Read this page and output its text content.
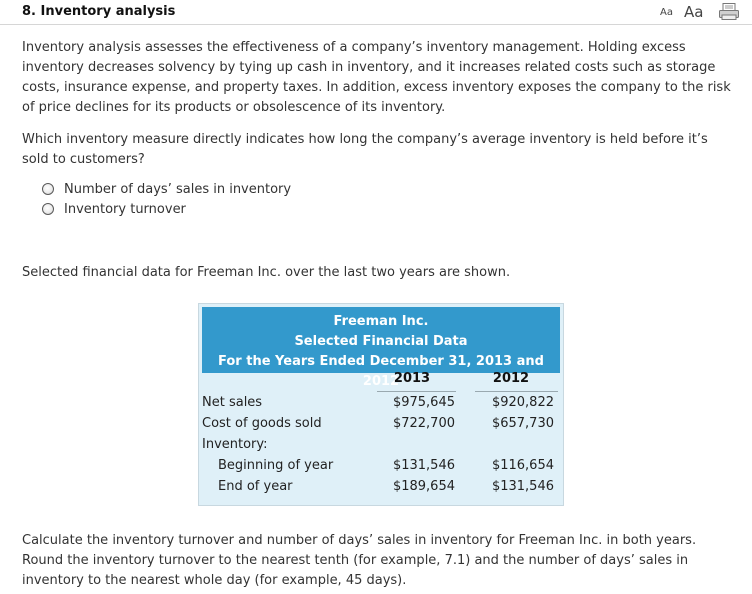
8. Inventory analysis	Aa Aa

Inventory analysis assesses the effectiveness of a company’s inventory management. Holding excess inventory decreases solvency by tying up cash in inventory, and it increases related costs such as storage costs, insurance expense, and property taxes. In addition, excess inventory exposes the company to the risk of price declines for its products or obsolescence of its inventory.

Which inventory measure directly indicates how long the company’s average inventory is held before it’s sold to customers?

Number of days’ sales in inventory
Inventory turnover

Selected financial data for Freeman Inc. over the last two years are shown.

Freeman Inc.
Selected Financial Data
For the Years Ended December 31, 2013 and 2012
2013	2012
Net sales	$975,645	$920,822
Cost of goods sold	$722,700	$657,730
Inventory:
Beginning of year	$131,546	$116,654
End of year	$189,654	$131,546

Calculate the inventory turnover and number of days’ sales in inventory for Freeman Inc. in both years. Round the inventory turnover to the nearest tenth (for example, 7.1) and the number of days’ sales in inventory to the nearest whole day (for example, 45 days).
